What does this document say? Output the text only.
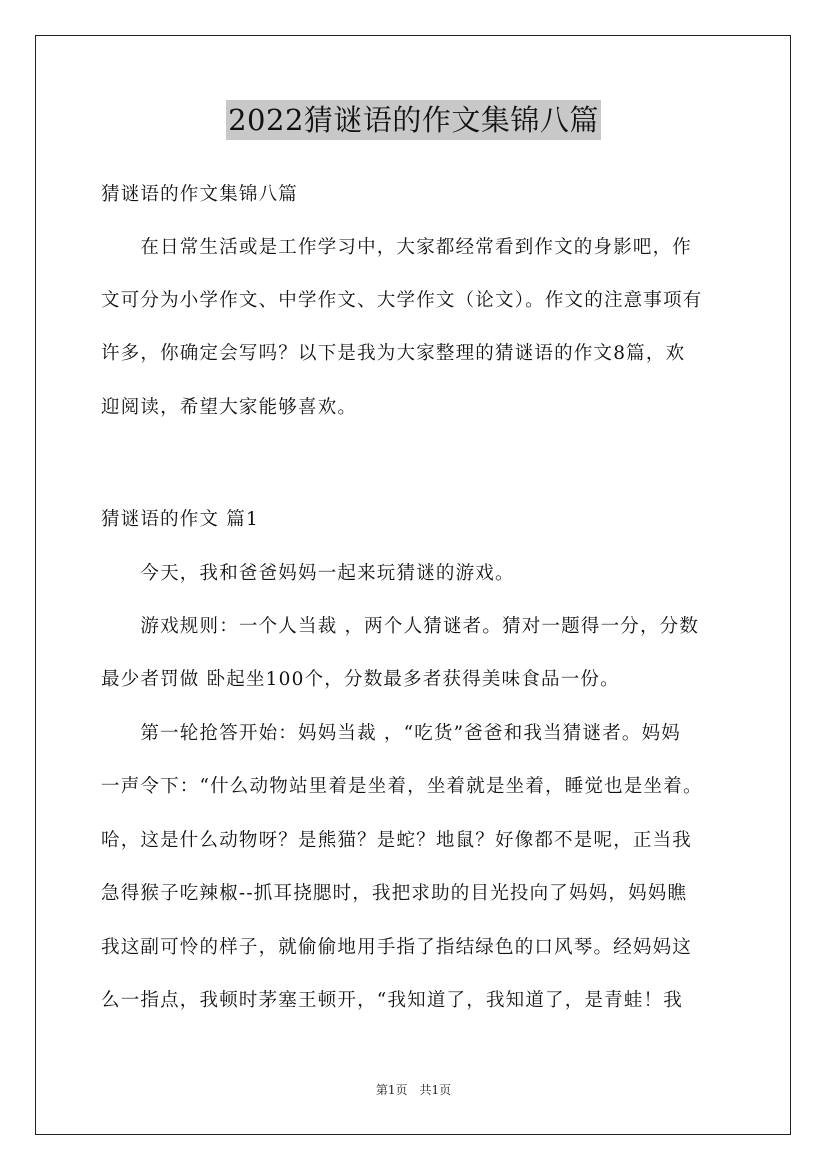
2022猜谜语的作文集锦八篇
猜谜语的作文集锦八篇
　　在日常生活或是工作学习中，大家都经常看到作文的身影吧，作
文可分为小学作文、中学作文、大学作文（论文）。作文的注意事项有
许多，你确定会写吗？以下是我为大家整理的猜谜语的作文8篇，欢
迎阅读，希望大家能够喜欢。
猜谜语的作文 篇1
　　今天，我和爸爸妈妈一起来玩猜谜的游戏。
　　游戏规则：一个人当裁 ，两个人猜谜者。猜对一题得一分，分数
最少者罚做 卧起坐100个，分数最多者获得美味食品一份。
　　第一轮抢答开始：妈妈当裁 ，“吃货”爸爸和我当猜谜者。妈妈
一声令下：“什么动物站里着是坐着，坐着就是坐着，睡觉也是坐着。
哈，这是什么动物呀？是熊猫？是蛇？地鼠？好像都不是呢，正当我
急得猴子吃辣椒--抓耳挠腮时，我把求助的目光投向了妈妈，妈妈瞧
我这副可怜的样子，就偷偷地用手指了指结绿色的口风琴。经妈妈这
么一指点，我顿时茅塞王顿开，“我知道了，我知道了，是青蛙！我
第1页　共1页
